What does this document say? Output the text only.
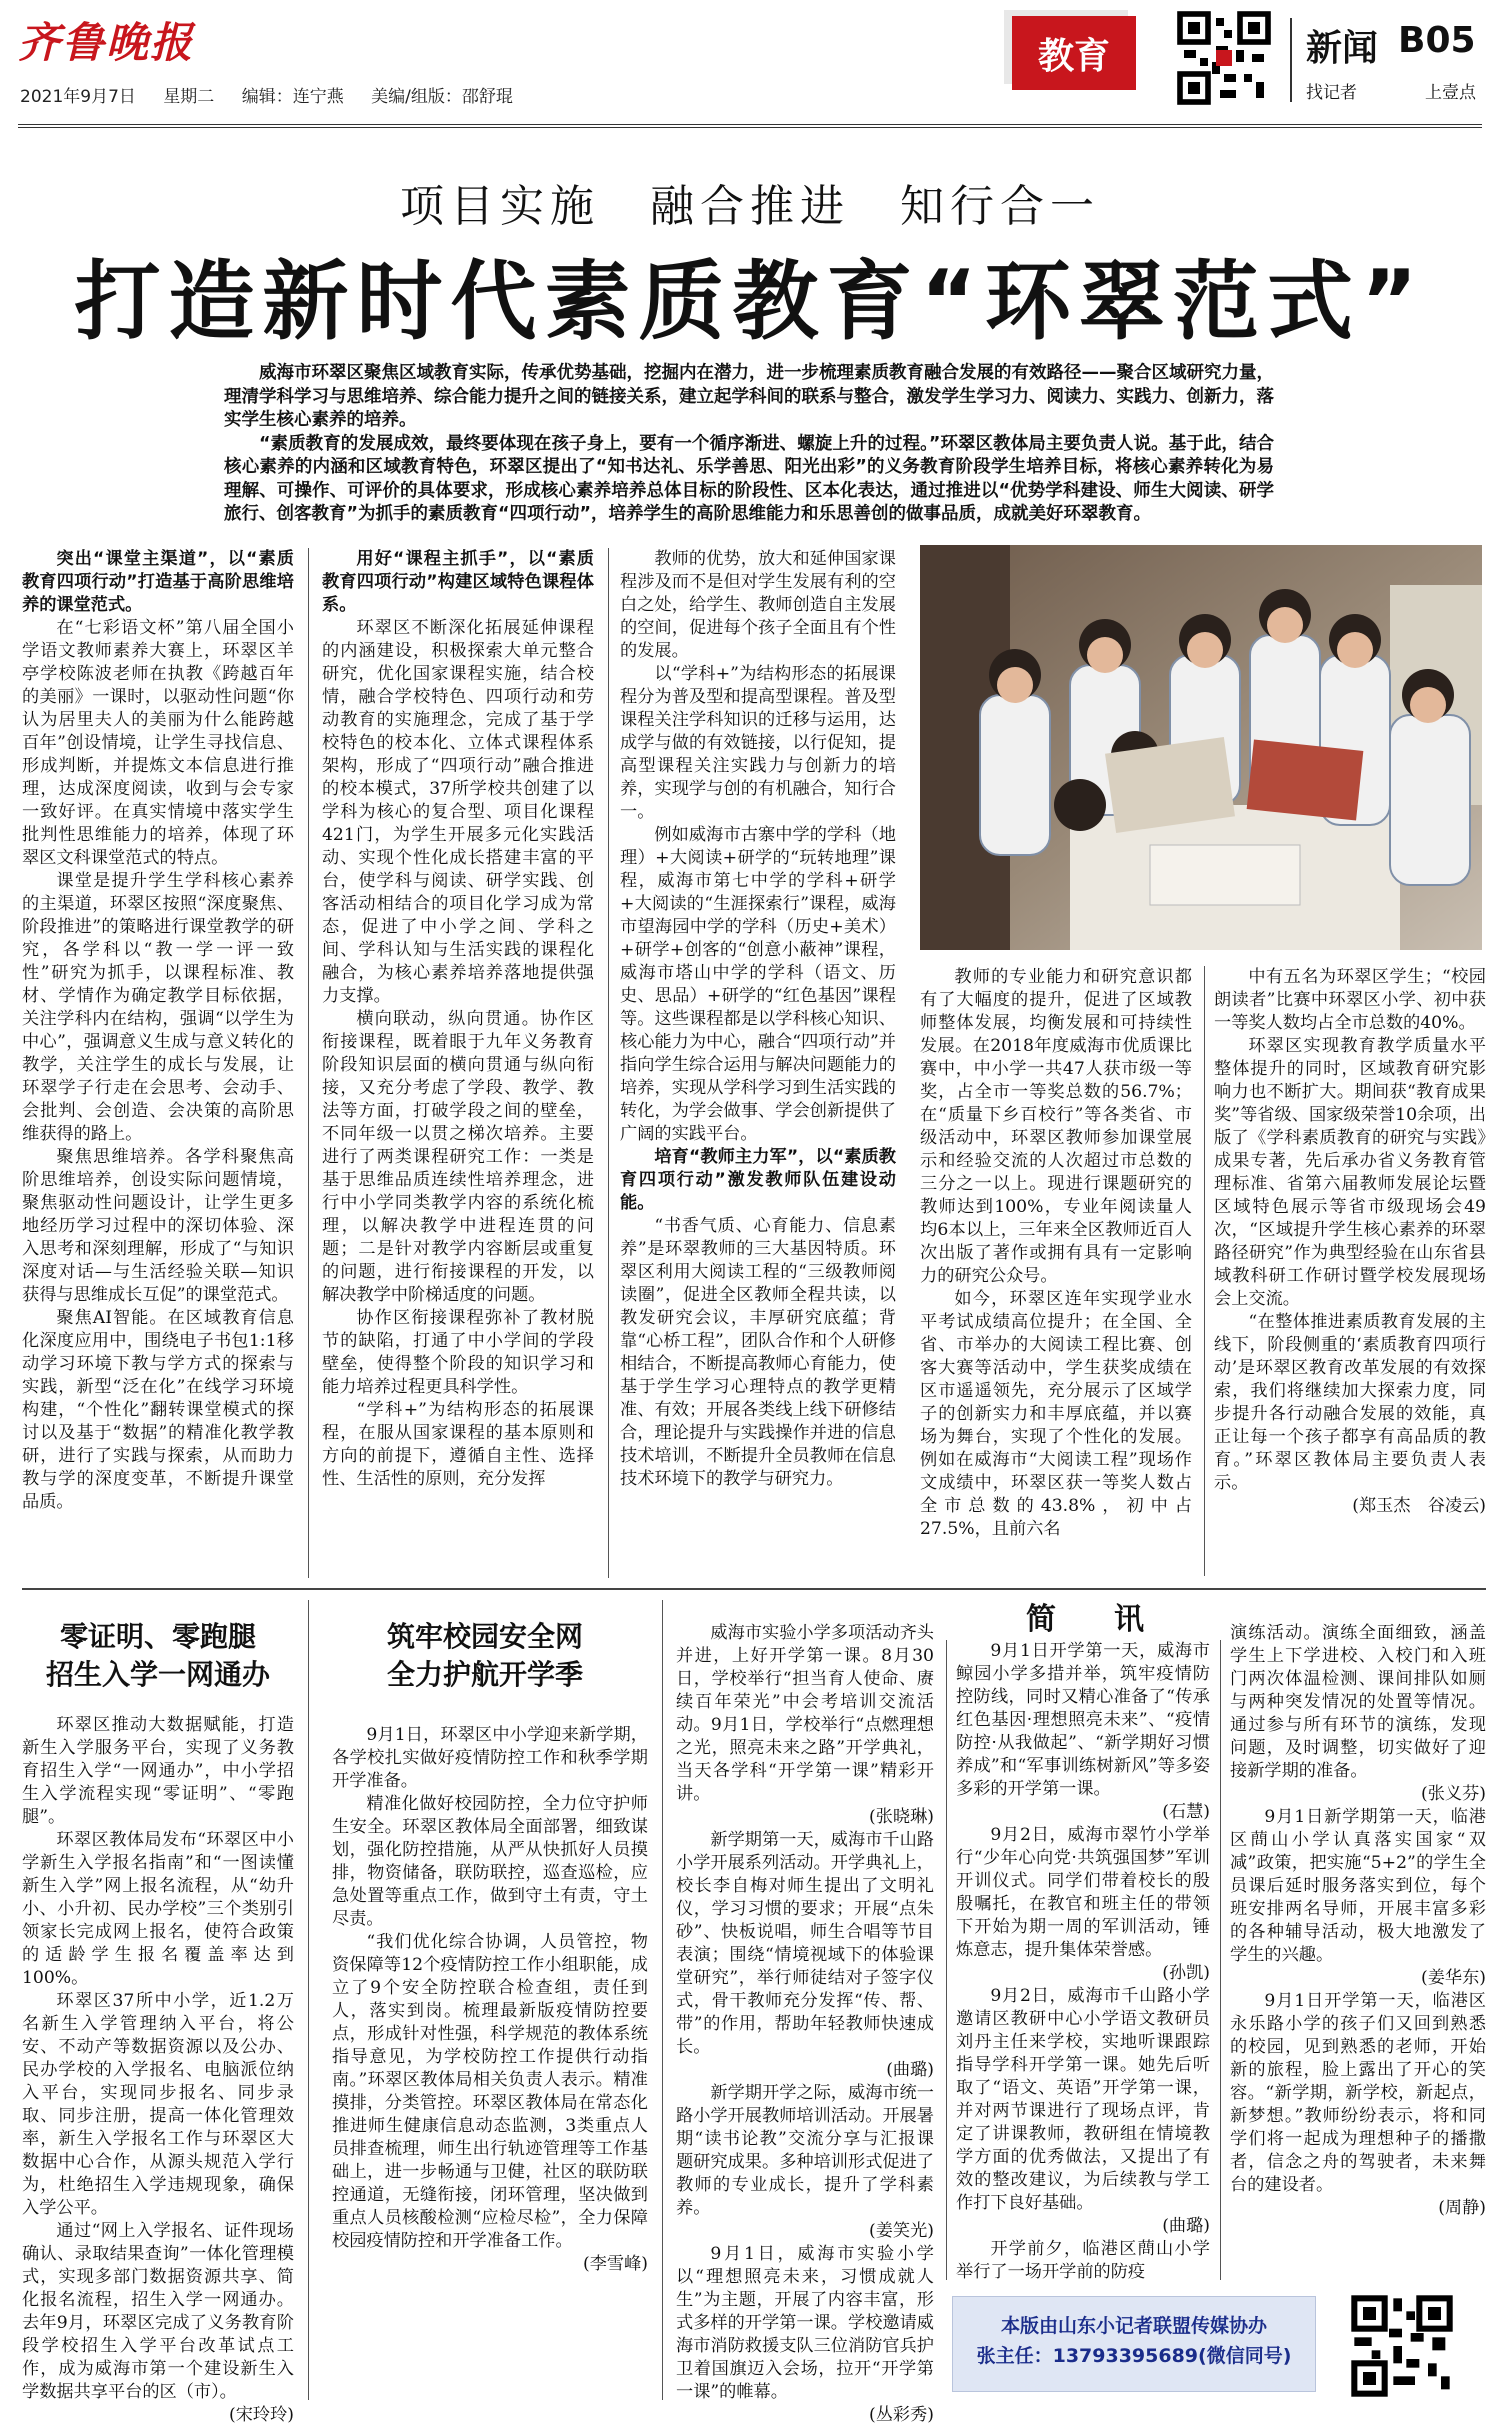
齐鲁晚报
2021年9月7日 星期二 编辑：连宁燕 美编/组版：邵舒琨
教育	新闻 B05
找记者	上壹点
项目实施　融合推进　知行合一
打造新时代素质教育“环翠范式”

威海市环翠区聚焦区域教育实际，传承优势基础，挖掘内在潜力，进一步梳理素质教育融合发展的有效路径——聚合区域研究力量，理清学科学习与思维培养、综合能力提升之间的链接关系，建立起学科间的联系与整合，激发学生学习力、阅读力、实践力、创新力，落实学生核心素养的培养。

“素质教育的发展成效，最终要体现在孩子身上，要有一个循序渐进、螺旋上升的过程。”环翠区教体局主要负责人说。基于此，结合核心素养的内涵和区域教育特色，环翠区提出了“知书达礼、乐学善思、阳光出彩”的义务教育阶段学生培养目标，将核心素养转化为易理解、可操作、可评价的具体要求，形成核心素养培养总体目标的阶段性、区本化表达，通过推进以“优势学科建设、师生大阅读、研学旅行、创客教育”为抓手的素质教育“四项行动”，培养学生的高阶思维能力和乐思善创的做事品质，成就美好环翠教育。

突出“课堂主渠道”，以“素质教育四项行动”打造基于高阶思维培养的课堂范式。

在“七彩语文杯”第八届全国小学语文教师素养大赛上，环翠区羊亭学校陈波老师在执教《跨越百年的美丽》一课时，以驱动性问题“你认为居里夫人的美丽为什么能跨越百年”创设情境，让学生寻找信息、形成判断，并提炼文本信息进行推理，达成深度阅读，收到与会专家一致好评。在真实情境中落实学生批判性思维能力的培养，体现了环翠区文科课堂范式的特点。

课堂是提升学生学科核心素养的主渠道，环翠区按照“深度聚焦、阶段推进”的策略进行课堂教学的研究，各学科以“教一学一评一致性”研究为抓手，以课程标准、教材、学情作为确定教学目标依据，关注学科内在结构，强调“以学生为中心”，强调意义生成与意义转化的教学，关注学生的成长与发展，让环翠学子行走在会思考、会动手、会批判、会创造、会决策的高阶思维获得的路上。

聚焦思维培养。各学科聚焦高阶思维培养，创设实际问题情境，聚焦驱动性问题设计，让学生更多地经历学习过程中的深切体验、深入思考和深刻理解，形成了“与知识深度对话—与生活经验关联—知识获得与思维成长互促”的课堂范式。

聚焦AI智能。在区域教育信息化深度应用中，围绕电子书包1:1移动学习环境下教与学方式的探索与实践，新型“泛在化”在线学习环境构建，“个性化”翻转课堂模式的探讨以及基于“数据”的精准化教学教研，进行了实践与探索，从而助力教与学的深度变革，不断提升课堂品质。

用好“课程主抓手”，以“素质教育四项行动”构建区域特色课程体系。

环翠区不断深化拓展延伸课程的内涵建设，积极探索大单元整合研究，优化国家课程实施，结合校情，融合学校特色、四项行动和劳动教育的实施理念，完成了基于学校特色的校本化、立体式课程体系架构，形成了“四项行动”融合推进的校本模式，37所学校共创建了以学科为核心的复合型、项目化课程421门，为学生开展多元化实践活动、实现个性化成长搭建丰富的平台，使学科与阅读、研学实践、创客活动相结合的项目化学习成为常态，促进了中小学之间、学科之间、学科认知与生活实践的课程化融合，为核心素养培养落地提供强力支撑。

横向联动，纵向贯通。协作区衔接课程，既着眼于九年义务教育阶段知识层面的横向贯通与纵向衔接，又充分考虑了学段、教学、教法等方面，打破学段之间的壁垒，不同年级一以贯之梯次培养。主要进行了两类课程研究工作：一类是基于思维品质连续性培养理念，进行中小学同类教学内容的系统化梳理，以解决教学中进程连贯的问题；二是针对教学内容断层或重复的问题，进行衔接课程的开发，以解决教学中阶梯适度的问题。

协作区衔接课程弥补了教材脱节的缺陷，打通了中小学间的学段壁垒，使得整个阶段的知识学习和能力培养过程更具科学性。

“学科+”为结构形态的拓展课程，在服从国家课程的基本原则和方向的前提下，遵循自主性、选择性、生活性的原则，充分发挥

教师的优势，放大和延伸国家课程涉及而不是但对学生发展有利的空白之处，给学生、教师创造自主发展的空间，促进每个孩子全面且有个性的发展。

以“学科+”为结构形态的拓展课程分为普及型和提高型课程。普及型课程关注学科知识的迁移与运用，达成学与做的有效链接，以行促知，提高型课程关注实践力与创新力的培养，实现学与创的有机融合，知行合一。

例如威海市古寨中学的学科（地理）+大阅读+研学的“玩转地理”课程，威海市第七中学的学科+研学+大阅读的“生涯探索行”课程，威海市望海园中学的学科（历史+美术）+研学+创客的“创意小蔽神”课程，威海市塔山中学的学科（语文、历史、思品）+研学的“红色基因”课程等。这些课程都是以学科核心知识、核心能力为中心，融合“四项行动”并指向学生综合运用与解决问题能力的培养，实现从学科学习到生活实践的转化，为学会做事、学会创新提供了广阔的实践平台。

培育“教师主力军”，以“素质教育四项行动”激发教师队伍建设动能。

“书香气质、心育能力、信息素养”是环翠教师的三大基因特质。环翠区利用大阅读工程的“三级教师阅读圈”，促进全区教师全程共读，以教发研究会议，丰厚研究底蕴；背靠“心桥工程”，团队合作和个人研修相结合，不断提高教师心育能力，使基于学生学习心理特点的教学更精准、有效；开展各类线上线下研修结合，理论提升与实践操作并进的信息技术培训，不断提升全员教师在信息技术环境下的教学与研究力。

教师的专业能力和研究意识都有了大幅度的提升，促进了区域教师整体发展，均衡发展和可持续性发展。在2018年度威海市优质课比赛中，中小学一共47人获市级一等奖，占全市一等奖总数的56.7%；在“质量下乡百校行”等各类省、市级活动中，环翠区教师参加课堂展示和经验交流的人次超过市总数的三分之一以上。现进行课题研究的教师达到100%，专业年阅读量人均6本以上，三年来全区教师近百人次出版了著作或拥有具有一定影响力的研究公众号。

如今，环翠区连年实现学业水平考试成绩高位提升；在全国、全省、市举办的大阅读工程比赛、创客大赛等活动中，学生获奖成绩在区市遥遥领先，充分展示了区域学子的创新实力和丰厚底蕴，并以赛场为舞台，实现了个性化的发展。例如在威海市“大阅读工程”现场作文成绩中，环翠区获一等奖人数占全市总数的43.8%，初中占27.5%，且前六名

中有五名为环翠区学生；“校园朗读者”比赛中环翠区小学、初中获一等奖人数均占全市总数的40%。

环翠区实现教育教学质量水平整体提升的同时，区域教育研究影响力也不断扩大。期间获“教育成果奖”等省级、国家级荣誉10余项，出版了《学科素质教育的研究与实践》成果专著，先后承办省义务教育管理标准、省第六届教师发展论坛暨区域特色展示等省市级现场会49次，“区域提升学生核心素养的环翠路径研究”作为典型经验在山东省县域教科研工作研讨暨学校发展现场会上交流。

“在整体推进素质教育发展的主线下，阶段侧重的‘素质教育四项行动’是环翠区教育改革发展的有效探索，我们将继续加大探索力度，同步提升各行动融合发展的效能，真正让每一个孩子都享有高品质的教育。”环翠区教体局主要负责人表示。

(郑玉杰　谷凌云)

零证明、零跑腿
招生入学一网通办

环翠区推动大数据赋能，打造新生入学服务平台，实现了义务教育招生入学“一网通办”，中小学招生入学流程实现“零证明”、“零跑腿”。

环翠区教体局发布“环翠区中小学新生入学报名指南”和“一图读懂新生入学”网上报名流程，从“幼升小、小升初、民办学校”三个类别引领家长完成网上报名，使符合政策的适龄学生报名覆盖率达到100%。

环翠区37所中小学，近1.2万名新生入学管理纳入平台，将公安、不动产等数据资源以及公办、民办学校的入学报名、电脑派位纳入平台，实现同步报名、同步录取、同步注册，提高一体化管理效率，新生入学报名工作与环翠区大数据中心合作，从源头规范入学行为，杜绝招生入学违规现象，确保入学公平。

通过“网上入学报名、证件现场确认、录取结果查询”一体化管理模式，实现多部门数据资源共享、简化报名流程，招生入学一网通办。去年9月，环翠区完成了义务教育阶段学校招生入学平台改革试点工作，成为威海市第一个建设新生入学数据共享平台的区（市）。

(宋玲玲)

筑牢校园安全网
全力护航开学季

9月1日，环翠区中小学迎来新学期，各学校扎实做好疫情防控工作和秋季学期开学准备。

精准化做好校园防控，全力位守护师生安全。环翠区教体局全面部署，细致谋划，强化防控措施，从严从快抓好人员摸排，物资储备，联防联控，巡查巡检，应急处置等重点工作，做到守土有责，守土尽责。

“我们优化综合协调，人员管控，物资保障等12个疫情防控工作小组职能，成立了9个安全防控联合检查组，责任到人，落实到岗。梳理最新版疫情防控要点，形成针对性强，科学规范的教体系统指导意见，为学校防控工作提供行动指南。”环翠区教体局相关负责人表示。精准摸排，分类管控。环翠区教体局在常态化推进师生健康信息动态监测，3类重点人员排查梳理，师生出行轨迹管理等工作基础上，进一步畅通与卫健，社区的联防联控通道，无缝衔接，闭环管理，坚决做到重点人员核酸检测“应检尽检”，全力保障校园疫情防控和开学准备工作。

(李雪峰)

简　讯

威海市实验小学多项活动齐头并进，上好开学第一课。8月30日，学校举行“担当育人使命、赓续百年荣光”中会考培训交流活动。9月1日，学校举行“点燃理想之光，照亮未来之路”开学典礼，当天各学科“开学第一课”精彩开讲。

(张晓琳)

新学期第一天，威海市千山路小学开展系列活动。开学典礼上，校长李自梅对师生提出了文明礼仪，学习习惯的要求；开展“点朱砂”、快板说唱，师生合唱等节目表演；围绕“情境视域下的体验课堂研究”，举行师徒结对子签字仪式，骨干教师充分发挥“传、帮、带”的作用，帮助年轻教师快速成长。

(曲璐)

新学期开学之际，威海市统一路小学开展教师培训活动。开展暑期“读书论教”交流分享与汇报课题研究成果。多种培训形式促进了教师的专业成长，提升了学科素养。

(姜笑光)

9月1日，威海市实验小学以“理想照亮未来，习惯成就人生”为主题，开展了内容丰富，形式多样的开学第一课。学校邀请威海市消防救援支队三位消防官兵护卫着国旗迈入会场，拉开“开学第一课”的帷幕。

(丛彩秀)

9月1日开学第一天，威海市鲸园小学多措并举，筑牢疫情防控防线，同时又精心准备了“传承红色基因·理想照亮未来”、“疫情防控·从我做起”、“新学期好习惯养成”和“军事训练树新风”等多姿多彩的开学第一课。

(石慧)

9月2日，威海市翠竹小学举行“少年心向党·共筑强国梦”军训开训仪式。同学们带着校长的殷殷嘱托，在教官和班主任的带领下开始为期一周的军训活动，锤炼意志，提升集体荣誉感。

(孙凯)

9月2日，威海市千山路小学邀请区教研中心小学语文教研员刘丹主任来学校，实地听课跟踪指导学科开学第一课。她先后听取了“语文、英语”开学第一课，并对两节课进行了现场点评，肯定了讲课教师，教研组在情境教学方面的优秀做法，又提出了有效的整改建议，为后续教与学工作打下良好基础。

(曲璐)

开学前夕，临港区蔄山小学举行了一场开学前的防疫

演练活动。演练全面细致，涵盖学生上下学进校、入校门和入班门两次体温检测、课间排队如厕与两种突发情况的处置等情况。通过参与所有环节的演练，发现问题，及时调整，切实做好了迎接新学期的准备。

(张义芬)

9月1日新学期第一天，临港区蔄山小学认真落实国家“双减”政策，把实施“5+2”的学生全员课后延时服务落实到位，每个班安排两名导师，开展丰富多彩的各种辅导活动，极大地激发了学生的兴趣。

(姜华东)

9月1日开学第一天，临港区永乐路小学的孩子们又回到熟悉的校园，见到熟悉的老师，开始新的旅程，脸上露出了开心的笑容。“新学期，新学校，新起点，新梦想。”教师纷纷表示，将和同学们将一起成为理想种子的播撒者，信念之舟的驾驶者，未来舞台的建设者。

(周静)

本版由山东小记者联盟传媒协办
张主任：13793395689(微信同号)
